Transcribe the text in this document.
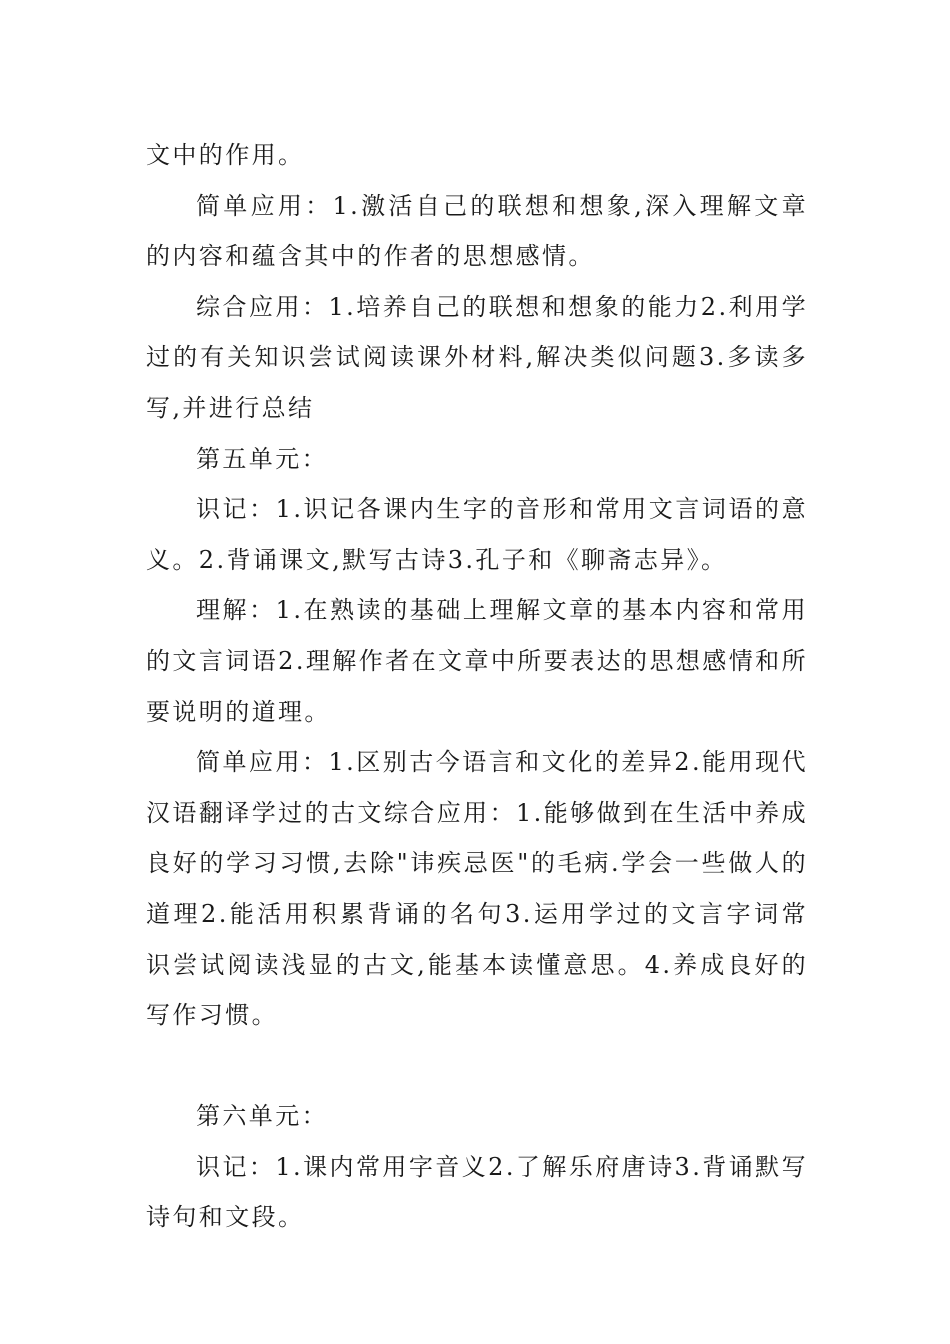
文中的作用。

简单应用：1.激活自己的联想和想象,深入理解文章的内容和蕴含其中的作者的思想感情。

综合应用：1.培养自己的联想和想象的能力2.利用学过的有关知识尝试阅读课外材料,解决类似问题3.多读多写,并进行总结

第五单元：

识记：1.识记各课内生字的音形和常用文言词语的意义。2.背诵课文,默写古诗3.孔子和《聊斋志异》。

理解：1.在熟读的基础上理解文章的基本内容和常用的文言词语2.理解作者在文章中所要表达的思想感情和所要说明的道理。

简单应用：1.区别古今语言和文化的差异2.能用现代汉语翻译学过的古文综合应用：1.能够做到在生活中养成良好的学习习惯,去除"讳疾忌医"的毛病.学会一些做人的道理2.能活用积累背诵的名句3.运用学过的文言字词常识尝试阅读浅显的古文,能基本读懂意思。4.养成良好的写作习惯。

第六单元：

识记：1.课内常用字音义2.了解乐府唐诗3.背诵默写诗句和文段。
